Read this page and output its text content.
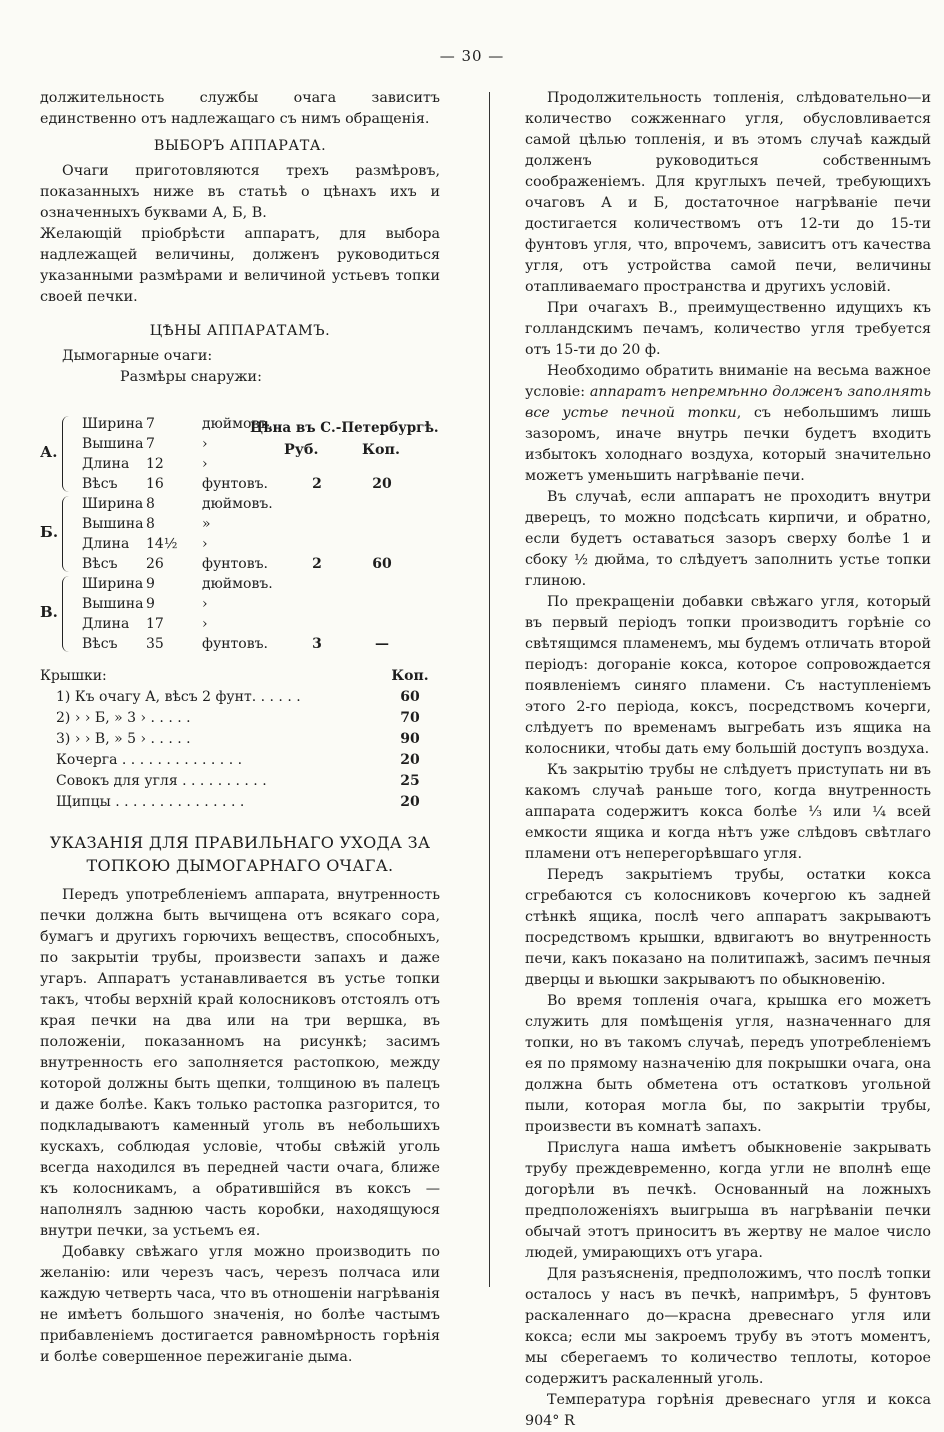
— 30 —

должительность службы очага зависитъ единственно отъ надлежащаго съ нимъ обращенія.

ВЫБОРЪ АППАРАТА.

Очаги приготовляются трехъ размѣровъ, показанныхъ ниже въ статьѣ о цѣнахъ ихъ и означенныхъ буквами А, Б, В.

Желающій пріобрѣсти аппаратъ, для выбора надлежащей величины, долженъ руководиться указанными размѣрами и величиной устьевъ топки своей печки.

ЦѢНЫ АППАРАТАМЪ.

Дымогарные очаги:

Размѣры снаружи:

Цѣна въ С.-Петербургѣ.
Руб.	Коп.
А.
Ширина 7	дюймовъ.
Вышина 7	›
Длина 12	›
Вѣсъ 16	фунтовъ.	2	20
Б.
Ширина 8	дюймовъ.
Вышина 8	»
Длина 14½ ›
Вѣсъ 26	фунтовъ.	2	60
В.
Ширина 9	дюймовъ.
Вышина 9	›
Длина 17	›
Вѣсъ 35	фунтовъ.	3	—
Крышки:	Коп.
1) Къ очагу А, вѣсъ 2 фунт. . . . . .	60
2) › › Б, » 3 › . . . . .	70
3) › › В, » 5 › . . . . .	90
Кочерга . . . . . . . . . . . . . .	20
Совокъ для угля . . . . . . . . . .	25
Щипцы . . . . . . . . . . . . . . .	20
УКАЗАНІЯ ДЛЯ ПРАВИЛЬНАГО УХОДА ЗА ТОПКОЮ ДЫМОГАРНАГО ОЧАГА.

Передъ употребленіемъ аппарата, внутренность печки должна быть вычищена отъ всякаго сора, бумагъ и другихъ горючихъ веществъ, способныхъ, по закрытіи трубы, произвести запахъ и даже угаръ. Аппаратъ устанавливается въ устье топки такъ, чтобы верхній край колосниковъ отстоялъ отъ края печки на два или на три вершка, въ положеніи, показанномъ на рисункѣ; засимъ внутренность его заполняется растопкою, между которой должны быть щепки, толщиною въ палецъ и даже болѣе. Какъ только растопка разгорится, то подкладываютъ каменный уголь въ небольшихъ кускахъ, соблюдая условіе, чтобы свѣжій уголь всегда находился въ передней части очага, ближе къ колосникамъ, а обратившійся въ коксъ — наполнялъ заднюю часть коробки, находящуюся внутри печки, за устьемъ ея.

Добавку свѣжаго угля можно производить по желанію: или черезъ часъ, черезъ полчаса или каждую четверть часа, что въ отношеніи нагрѣванія не имѣетъ большого значенія, но болѣе частымъ прибавленіемъ достигается равномѣрность горѣнія и болѣе совершенное пережиганіе дыма.

Продолжительность топленія, слѣдовательно—и количество сожженнаго угля, обусловливается самой цѣлью топленія, и въ этомъ случаѣ каждый долженъ руководиться собственнымъ соображеніемъ. Для круглыхъ печей, требующихъ очаговъ А и Б, достаточное нагрѣваніе печи достигается количествомъ отъ 12-ти до 15-ти фунтовъ угля, что, впрочемъ, зависитъ отъ качества угля, отъ устройства самой печи, величины отапливаемаго пространства и другихъ условій.

При очагахъ В., преимущественно идущихъ къ голландскимъ печамъ, количество угля требуется отъ 15-ти до 20 ф.

Необходимо обратить вниманіе на весьма важное условіе: аппаратъ непремѣнно долженъ заполнять все устье печной топки, съ небольшимъ лишь зазоромъ, иначе внутрь печки будетъ входить избытокъ холоднаго воздуха, который значительно можетъ уменьшить нагрѣваніе печи.

Въ случаѣ, если аппаратъ не проходитъ внутри дверецъ, то можно подсѣсать кирпичи, и обратно, если будетъ оставаться зазоръ сверху болѣе 1 и сбоку ½ дюйма, то слѣдуетъ заполнить устье топки глиною.

По прекращеніи добавки свѣжаго угля, который въ первый періодъ топки производитъ горѣніе со свѣтящимся пламенемъ, мы будемъ отличать второй періодъ: догораніе кокса, которое сопровождается появленіемъ синяго пламени. Съ наступленіемъ этого 2-го періода, коксъ, посредствомъ кочерги, слѣдуетъ по временамъ выгребать изъ ящика на колосники, чтобы дать ему большій доступъ воздуха.

Къ закрытію трубы не слѣдуетъ приступать ни въ какомъ случаѣ раньше того, когда внутренность аппарата содержитъ кокса болѣе ⅓ или ¼ всей емкости ящика и когда нѣтъ уже слѣдовъ свѣтлаго пламени отъ неперегорѣвшаго угля.

Передъ закрытіемъ трубы, остатки кокса сгребаются съ колосниковъ кочергою къ задней стѣнкѣ ящика, послѣ чего аппаратъ закрываютъ посредствомъ крышки, вдвигаютъ во внутренность печи, какъ показано на политипажѣ, засимъ печныя дверцы и вьюшки закрываютъ по обыкновенію.

Во время топленія очага, крышка его можетъ служить для помѣщенія угля, назначеннаго для топки, но въ такомъ случаѣ, передъ употребленіемъ ея по прямому назначенію для покрышки очага, она должна быть обметена отъ остатковъ угольной пыли, которая могла бы, по закрытіи трубы, произвести въ комнатѣ запахъ.

Прислуга наша имѣетъ обыкновеніе закрывать трубу преждевременно, когда угли не вполнѣ еще догорѣли въ печкѣ. Основанный на ложныхъ предположеніяхъ выигрыша въ нагрѣваніи печки обычай этотъ приноситъ въ жертву не малое число людей, умирающихъ отъ угара.

Для разъясненія, предположимъ, что послѣ топки осталось у насъ въ печкѣ, напримѣръ, 5 фунтовъ раскаленнаго до—красна древеснаго угля или кокса; если мы закроемъ трубу въ этотъ моментъ, мы сберегаемъ то количество теплоты, которое содержитъ раскаленный уголь.

Температура горѣнія древеснаго угля и кокса 904° R
